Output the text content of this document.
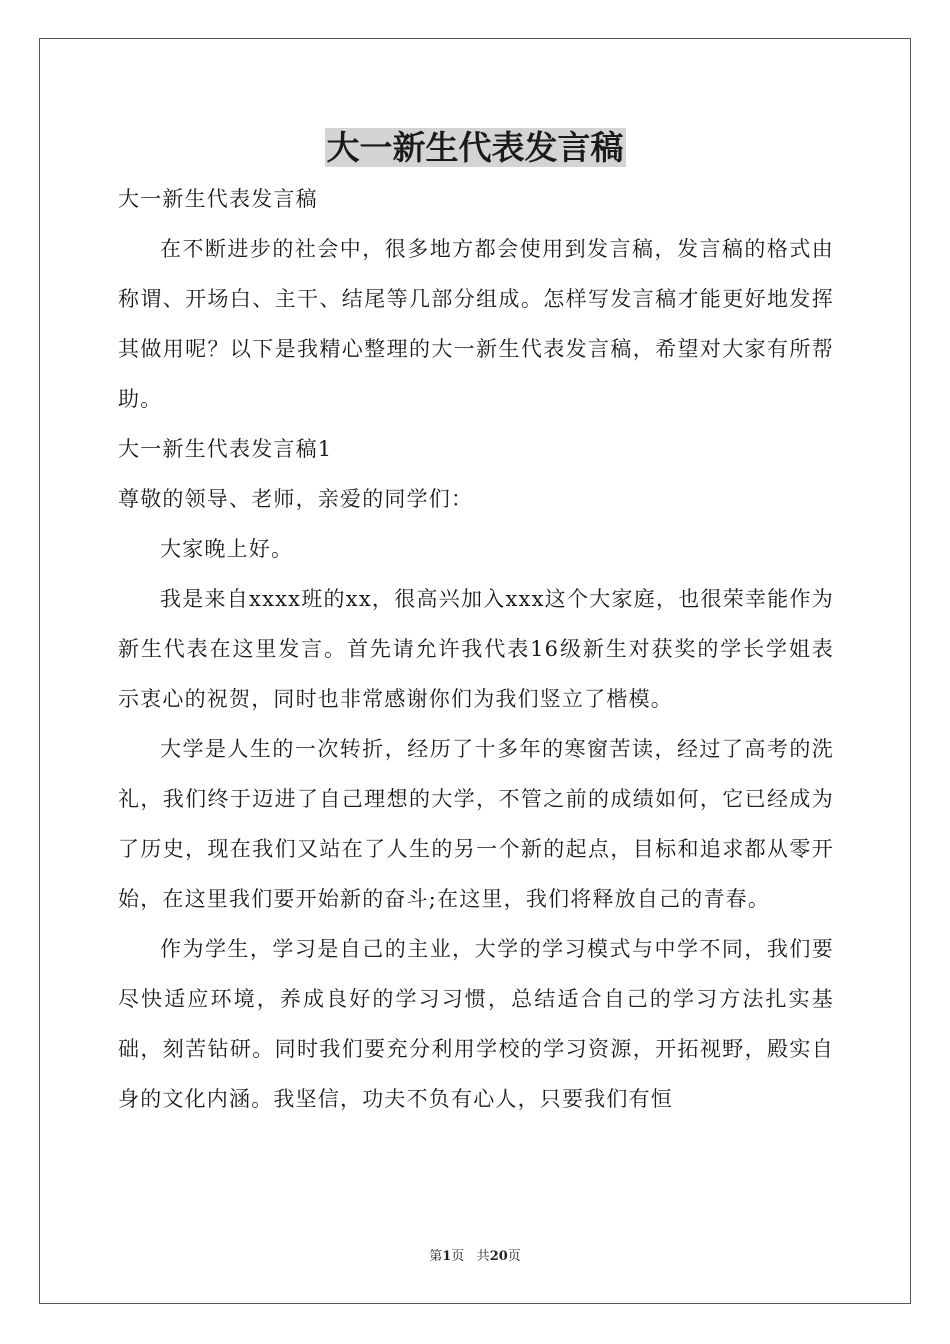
大一新生代表发言稿

大一新生代表发言稿

在不断进步的社会中，很多地方都会使用到发言稿，发言稿的格式由称谓、开场白、主干、结尾等几部分组成。怎样写发言稿才能更好地发挥其做用呢？以下是我精心整理的大一新生代表发言稿，希望对大家有所帮助。

大一新生代表发言稿1

尊敬的领导、老师，亲爱的同学们：

大家晚上好。

我是来自xxxx班的xx，很高兴加入xxx这个大家庭，也很荣幸能作为新生代表在这里发言。首先请允许我代表16级新生对获奖的学长学姐表示衷心的祝贺，同时也非常感谢你们为我们竖立了楷模。

大学是人生的一次转折，经历了十多年的寒窗苦读，经过了高考的洗礼，我们终于迈进了自己理想的大学，不管之前的成绩如何，它已经成为了历史，现在我们又站在了人生的另一个新的起点，目标和追求都从零开始，在这里我们要开始新的奋斗;在这里，我们将释放自己的青春。

作为学生，学习是自己的主业，大学的学习模式与中学不同，我们要尽快适应环境，养成良好的学习习惯，总结适合自己的学习方法扎实基础，刻苦钻研。同时我们要充分利用学校的学习资源，开拓视野，殿实自身的文化内涵。我坚信，功夫不负有心人，只要我们有恒

第1页 共20页
